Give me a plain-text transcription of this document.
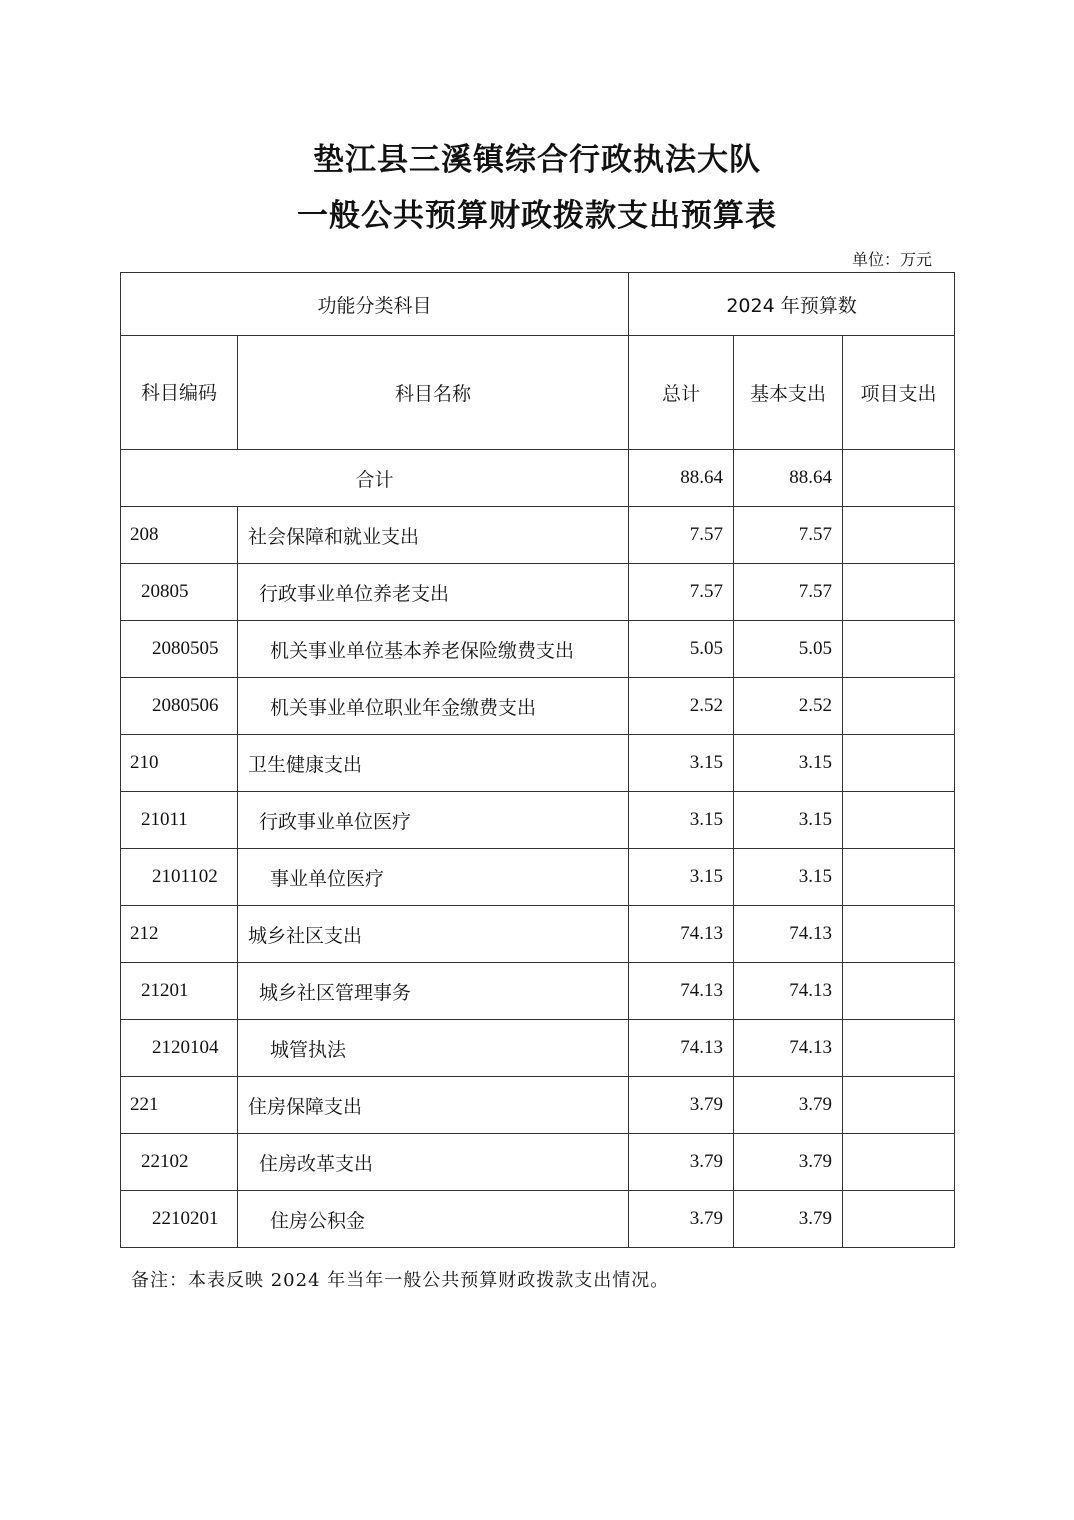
垫江县三溪镇综合行政执法大队
一般公共预算财政拨款支出预算表
单位：万元
功能分类科目		2024 年预算数		
科目编码	科目名称	总计	基本支出	项目支出
合计		88.64	88.64	
208	社会保障和就业支出	7.57	7.57	
20805	行政事业单位养老支出	7.57	7.57	
2080505	机关事业单位基本养老保险缴费支出	5.05	5.05	
2080506	机关事业单位职业年金缴费支出	2.52	2.52	
210	卫生健康支出	3.15	3.15	
21011	行政事业单位医疗	3.15	3.15	
2101102	事业单位医疗	3.15	3.15	
212	城乡社区支出	74.13	74.13	
21201	城乡社区管理事务	74.13	74.13	
2120104	城管执法	74.13	74.13	
221	住房保障支出	3.79	3.79	
22102	住房改革支出	3.79	3.79	
2210201	住房公积金	3.79	3.79	
备注：本表反映 2024 年当年一般公共预算财政拨款支出情况。
